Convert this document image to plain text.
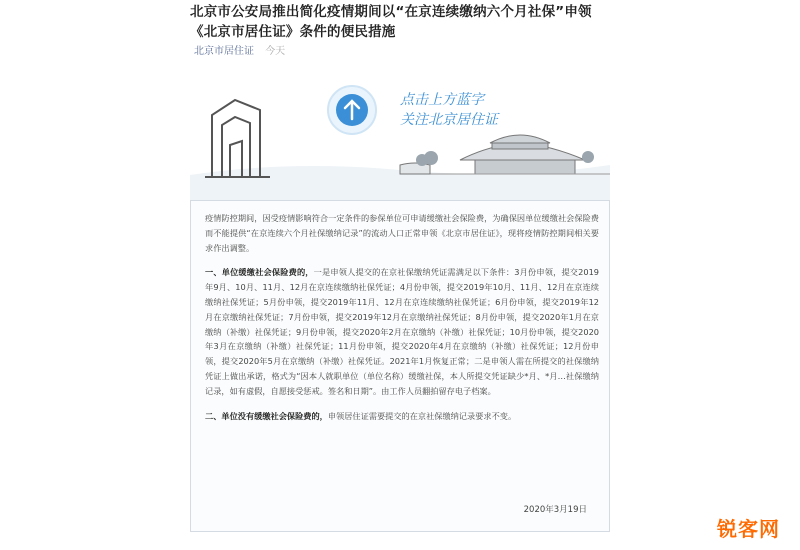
北京市公安局推出简化疫情期间以“在京连续缴纳六个月社保”申领
《北京市居住证》条件的便民措施
北京市居住证 今天
点击上方蓝字
关注北京居住证

疫情防控期间，因受疫情影响符合一定条件的参保单位可申请缓缴社会保险费，为确保因单位缓缴社会保险费而不能提供“在京连续六个月社保缴纳记录”的流动人口正常申领《北京市居住证》，现将疫情防控期间相关要求作出调整。

一、单位缓缴社会保险费的，一是申领人提交的在京社保缴纳凭证需满足以下条件：3月份申领，提交2019年9月、10月、11月、12月在京连续缴纳社保凭证；4月份申领，提交2019年10月、11月、12月在京连续缴纳社保凭证；5月份申领，提交2019年11月、12月在京连续缴纳社保凭证；6月份申领，提交2019年12月在京缴纳社保凭证；7月份申领，提交2019年12月在京缴纳社保凭证；8月份申领，提交2020年1月在京缴纳（补缴）社保凭证；9月份申领，提交2020年2月在京缴纳（补缴）社保凭证；10月份申领，提交2020年3月在京缴纳（补缴）社保凭证；11月份申领，提交2020年4月在京缴纳（补缴）社保凭证；12月份申领，提交2020年5月在京缴纳（补缴）社保凭证。2021年1月恢复正常；二是申领人需在所提交的社保缴纳凭证上做出承诺，格式为“因本人就职单位（单位名称）缓缴社保，本人所提交凭证缺少*月、*月…社保缴纳记录，如有虚假，自愿接受惩戒。签名和日期”。由工作人员翻拍留存电子档案。

二、单位没有缓缴社会保险费的，申领居住证需要提交的在京社保缴纳记录要求不变。

2020年3月19日
锐客网
